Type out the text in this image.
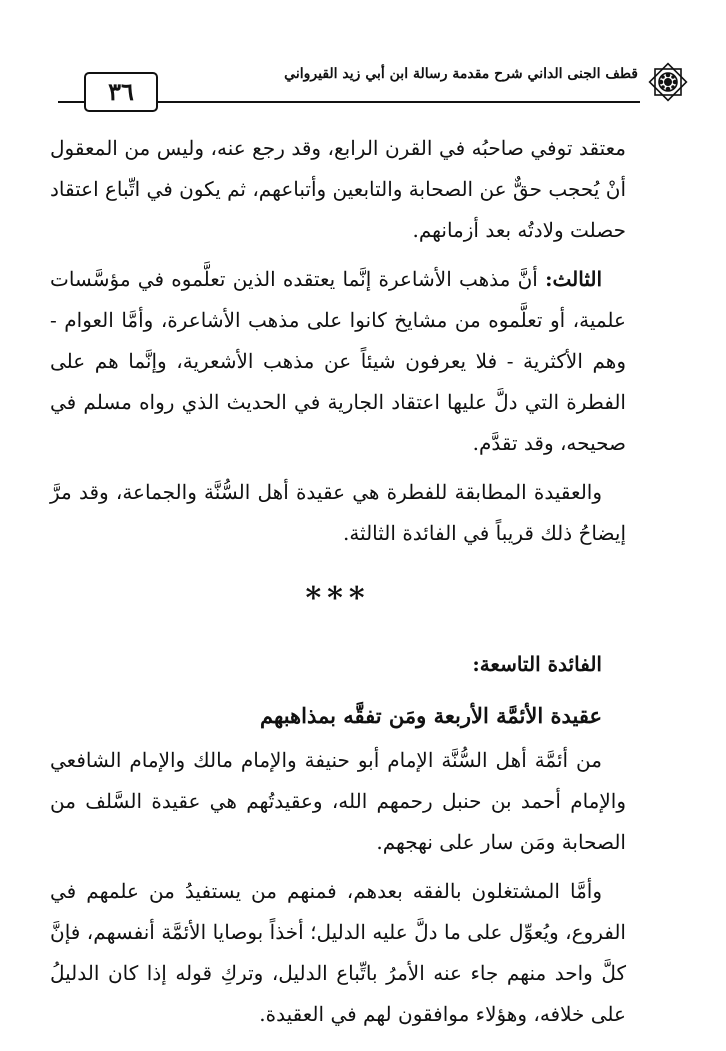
٣٦
قطف الجنى الداني شرح مقدمة رسالة ابن أبي زيد القيرواني

معتقد توفي صاحبُه في القرن الرابع، وقد رجع عنه، وليس من المعقول أنْ يُحجب حقٌّ عن الصحابة والتابعين وأتباعهم، ثم يكون في اتِّباع اعتقاد حصلت ولادتُه بعد أزمانهم.

الثالث: أنَّ مذهب الأشاعرة إنَّما يعتقده الذين تعلَّموه في مؤسَّسات علمية، أو تعلَّموه من مشايخ كانوا على مذهب الأشاعرة، وأمَّا العوام - وهم الأكثرية - فلا يعرفون شيئاً عن مذهب الأشعرية، وإنَّما هم على الفطرة التي دلَّ عليها اعتقاد الجارية في الحديث الذي رواه مسلم في صحيحه، وقد تقدَّم.

والعقيدة المطابقة للفطرة هي عقيدة أهل السُّنَّة والجماعة، وقد مرَّ إيضاحُ ذلك قريباً في الفائدة الثالثة.

***

الفائدة التاسعة:

عقيدة الأئمَّة الأربعة ومَن تفقَّه بمذاهبهم

من أئمَّة أهل السُّنَّة الإمام أبو حنيفة والإمام مالك والإمام الشافعي والإمام أحمد بن حنبل رحمهم الله، وعقيدتُهم هي عقيدة السَّلف من الصحابة ومَن سار على نهجهم.

وأمَّا المشتغلون بالفقه بعدهم، فمنهم من يستفيدُ من علمهم في الفروع، ويُعوِّل على ما دلَّ عليه الدليل؛ أخذاً بوصايا الأئمَّة أنفسهم، فإنَّ كلَّ واحد منهم جاء عنه الأمرُ باتِّباع الدليل، وتركِ قوله إذا كان الدليلُ على خلافه، وهؤلاء موافقون لهم في العقيدة.
